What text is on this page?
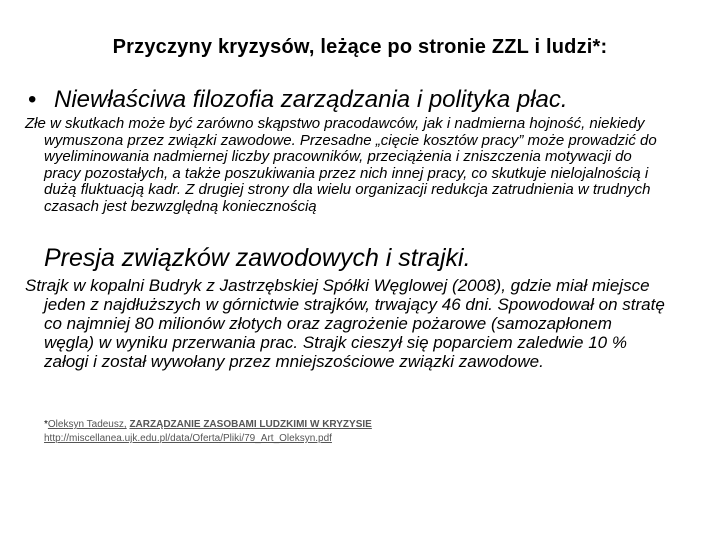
Przyczyny kryzysów, leżące po stronie ZZL i ludzi*:
• Niewłaściwa filozofia zarządzania i polityka płac.
Złe w skutkach może być zarówno skąpstwo pracodawców, jak i nadmierna hojność, niekiedy wymuszona przez związki zawodowe. Przesadne „cięcie kosztów pracy” może prowadzić do wyeliminowania nadmiernej liczby pracowników, przeciążenia i zniszczenia motywacji do pracy pozostałych, a także poszukiwania przez nich innej pracy, co skutkuje nielojalnością i dużą fluktuacją kadr. Z drugiej strony dla wielu organizacji redukcja zatrudnienia w trudnych czasach jest bezwzględną koniecznością
Presja związków zawodowych i strajki.
Strajk w kopalni Budryk z Jastrzębskiej Spółki Węglowej (2008), gdzie miał miejsce jeden z najdłuższych w górnictwie strajków, trwający 46 dni. Spowodował on stratę co najmniej 80 milionów złotych oraz zagrożenie pożarowe (samozapłonem węgla) w wyniku przerwania prac. Strajk cieszył się poparciem zaledwie 10 % załogi i został wywołany przez mniejszościowe związki zawodowe.
*Oleksyn Tadeusz, ZARZĄDZANIE ZASOBAMI LUDZKIMI W KRYZYSIE
http://miscellanea.ujk.edu.pl/data/Oferta/Pliki/79_Art_Oleksyn.pdf
